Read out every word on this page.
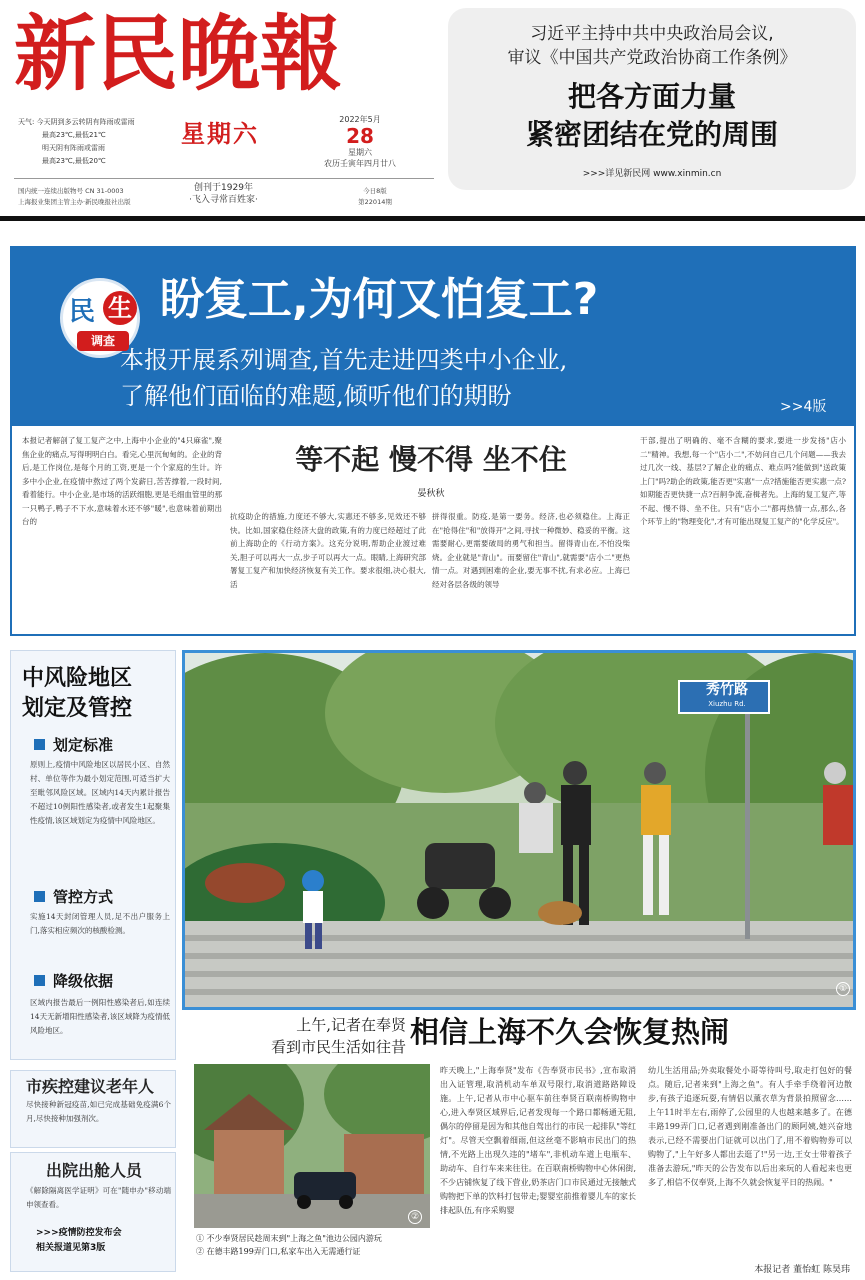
新民晚報
星期六
天气: 今天阴到多云转阴有阵雨或雷雨
最高23℃,最低21℃
明天阴有阵雨或雷雨
最高23℃,最低20℃
2022年5月
28
星期六
农历壬寅年四月廿八
创刊于1929年
·飞入寻常百姓家·
国内统一连续出版物号 CN 31-0003
上海报业集团主管主办·新民晚报社出版
今日8版
第22014期
习近平主持中共中央政治局会议,
审议《中国共产党政治协商工作条例》
把各方面力量
紧密团结在党的周围
>>>详见新民网 www.xinmin.cn
民 生
调查
盼复工,为何又怕复工?
本报开展系列调查,首先走进四类中小企业,
了解他们面临的难题,倾听他们的期盼	>>4版
本报记者解剖了复工复产之中,上海中小企业的"4只麻雀",聚焦企业的痛点,写得明明白白。看完,心里沉甸甸的。企业的背后,是工作岗位,是每个月的工资,更是一个个家庭的生计。许多中小企业,在疫情中熬过了两个发薪日,苦苦撑着,一段时间,看着能行。中小企业,是市场的活跃细胞,更是毛细血管里的那一只鸭子,鸭子不下水,意味着水还不够"暖",也意味着前期出台的
等不起 慢不得 坐不住
晏秋秋
抗疫助企的措施,力度还不够大,实惠还不够多,见效还不够快。比如,国家稳住经济大盘的政策,有的力度已经超过了此前上海助企的《行动方案》。这充分说明,帮助企业渡过难关,胆子可以再大一点,步子可以再大一点。眼睛,上海研究部署复工复产和加快经济恢复有关工作。要求很细,决心很大,活
拼得很重。防疫,是第一要务。经济,也必须稳住。上海正在"抢得住"和"放得开"之间,寻找一种微妙、稳妥的平衡。这需要耐心,更需要破局的勇气和担当。留得青山在,不怕没柴烧。企业就是"青山"。而要留住"青山",就需要"店小二"更热情一点。对遇到困难的企业,要无事不扰,有求必应。上海已经对各层各级的领导
干部,提出了明确的、毫不含糊的要求,要进一步发扬"店小二"精神。我想,每一个"店小二",不妨问自己几个问题——我去过几次一线、基层?了解企业的痛点、难点吗?能做到"送政策上门"吗?助企的政策,能否更"实惠"一点?措施能否更实惠一点?如期能否更快捷一点?百舸争流,奋楫者先。上海的复工复产,等不起、慢不得、坐不住。只有"店小二"都再热情一点,那么,各个环节上的"物理变化",才有可能出现复工复产的"化学反应"。
中风险地区
划定及管控
划定标准
原则上,疫情中风险地区以居民小区、自然村、单位等作为最小划定范围,可适当扩大至毗邻风险区域。区域内14天内累计报告不超过10例阳性感染者,或者发生1起聚集性疫情,该区域划定为疫情中风险地区。
管控方式
实施14天封闭管理人员,足不出户服务上门,落实相应频次的核酸检测。
降级依据
区域内报告最后一例阳性感染者后,如连续14天无新增阳性感染者,该区域降为疫情低风险地区。
市疾控建议老年人
尽快接种新冠疫苗,如已完成基础免疫满6个月,尽快接种加强剂次。
出院出舱人员
《解除隔离医学证明》可在"随申办"移动端申领查看。
>>>疫情防控发布会
相关报道见第3版
秀竹路
Xiuzhu Rd.
①
上午,记者在奉贤
看到市民生活如往昔 相信上海不久会恢复热闹
②
① 不少奉贤居民趁周末到"上海之鱼"池边公园内游玩
② 在德丰路199弄门口,私家车出入无需通行证
昨天晚上,"上海奉贤"发布《告奉贤市民书》,宣布取消出入证管理,取消机动车单双号限行,取消道路路障设施。上午,记者从市中心驱车前往奉贤百联南桥购物中心,进入奉贤区域界后,记者发现每一个路口都畅通无阻,偶尔的停留是因为和其他自驾出行的市民一起排队"等红灯"。尽管天空飘着细雨,但这丝毫不影响市民出门的热情,不光路上出现久违的"堵车",非机动车道上电瓶车、助动车、自行车来来往往。在百联南桥购物中心休闲街,不少店铺恢复了线下营业,奶茶店门口市民通过无接触式购物把下单的饮料打包带走;婴婴室前推着婴儿车的家长排起队伍,有序采购婴
幼儿生活用品;外卖取餐处小哥等待叫号,取走打包好的餐点。随后,记者来到"上海之鱼"。有人手牵手绕着河边散步,有孩子追逐玩耍,有情侣以薰衣草为背景拍照留念……上午11时半左右,雨停了,公园里的人也越来越多了。在德丰路199弄门口,记者遇到刚准备出门的顾阿姨,她兴奋地表示,已经不需要出门证就可以出门了,用不着购物券可以购物了,"上午好多人都出去逛了!"另一边,王女士带着孩子准备去游玩,"昨天的公告发布以后出来玩的人看起来也更多了,相信不仅奉贤,上海不久就会恢复平日的热闹。"
本报记者 董怡虹 陈昊玮
